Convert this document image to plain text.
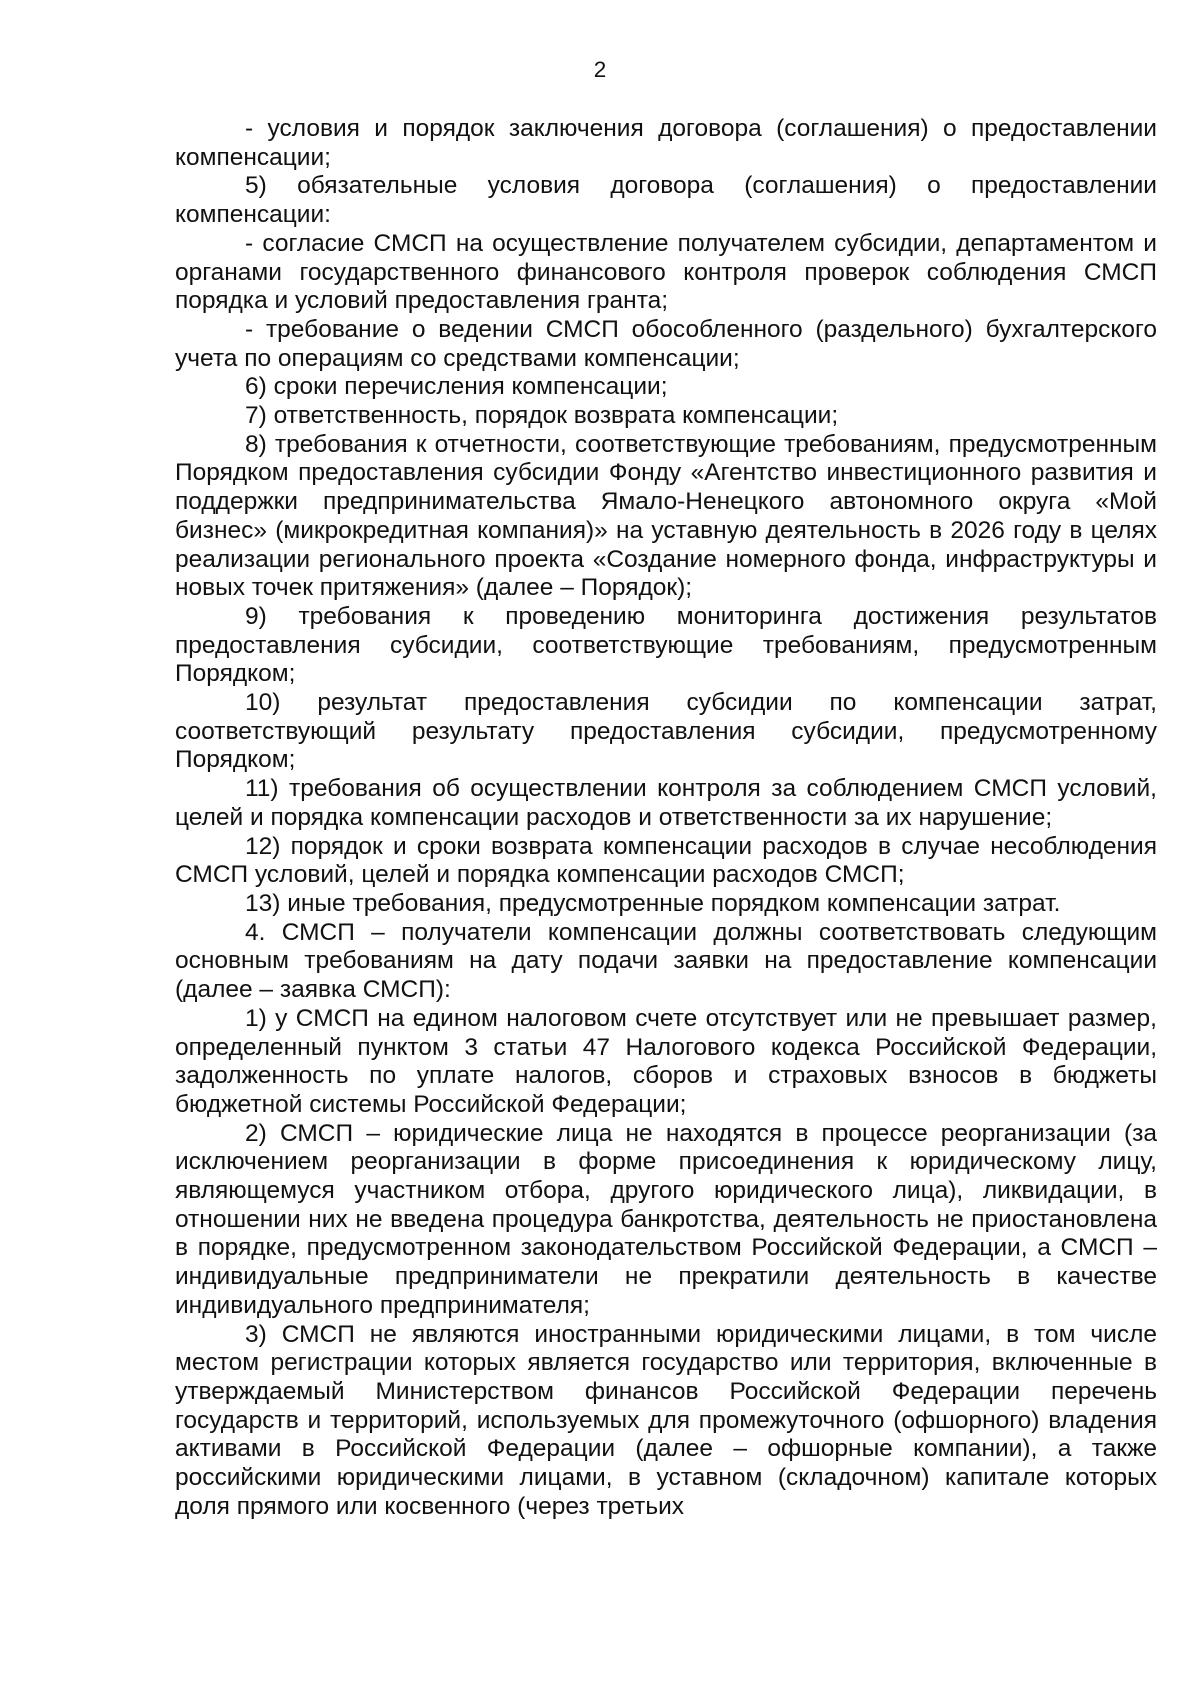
2

- условия и порядок заключения договора (соглашения) о предоставлении компенсации;

5) обязательные условия договора (соглашения) о предоставлении компенсации:

- согласие СМСП на осуществление получателем субсидии, департаментом и органами государственного финансового контроля проверок соблюдения СМСП порядка и условий предоставления гранта;

- требование о ведении СМСП обособленного (раздельного) бухгалтерского учета по операциям со средствами компенсации;

6) сроки перечисления компенсации;

7) ответственность, порядок возврата компенсации;

8) требования к отчетности, соответствующие требованиям, предусмотренным Порядком предоставления субсидии Фонду «Агентство инвестиционного развития и поддержки предпринимательства Ямало-Ненецкого автономного округа «Мой бизнес» (микрокредитная компания)» на уставную деятельность в 2026 году в целях реализации регионального проекта «Создание номерного фонда, инфраструктуры и новых точек притяжения» (далее – Порядок);

9) требования к проведению мониторинга достижения результатов предоставления субсидии, соответствующие требованиям, предусмотренным Порядком;

10) результат предоставления субсидии по компенсации затрат, соответствующий результату предоставления субсидии, предусмотренному Порядком;

11) требования об осуществлении контроля за соблюдением СМСП условий, целей и порядка компенсации расходов и ответственности за их нарушение;

12) порядок и сроки возврата компенсации расходов в случае несоблюдения СМСП условий, целей и порядка компенсации расходов СМСП;

13) иные требования, предусмотренные порядком компенсации затрат.

4. СМСП – получатели компенсации должны соответствовать следующим основным требованиям на дату подачи заявки на предоставление компенсации (далее – заявка СМСП):

1) у СМСП на едином налоговом счете отсутствует или не превышает размер, определенный пунктом 3 статьи 47 Налогового кодекса Российской Федерации, задолженность по уплате налогов, сборов и страховых взносов в бюджеты бюджетной системы Российской Федерации;

2) СМСП – юридические лица не находятся в процессе реорганизации (за исключением реорганизации в форме присоединения к юридическому лицу, являющемуся участником отбора, другого юридического лица), ликвидации, в отношении них не введена процедура банкротства, деятельность не приостановлена в порядке, предусмотренном законодательством Российской Федерации, а СМСП – индивидуальные предприниматели не прекратили деятельность в качестве индивидуального предпринимателя;

3) СМСП не являются иностранными юридическими лицами, в том числе местом регистрации которых является государство или территория, включенные в утверждаемый Министерством финансов Российской Федерации перечень государств и территорий, используемых для промежуточного (офшорного) владения активами в Российской Федерации (далее – офшорные компании), а также российскими юридическими лицами, в уставном (складочном) капитале которых доля прямого или косвенного (через третьих
